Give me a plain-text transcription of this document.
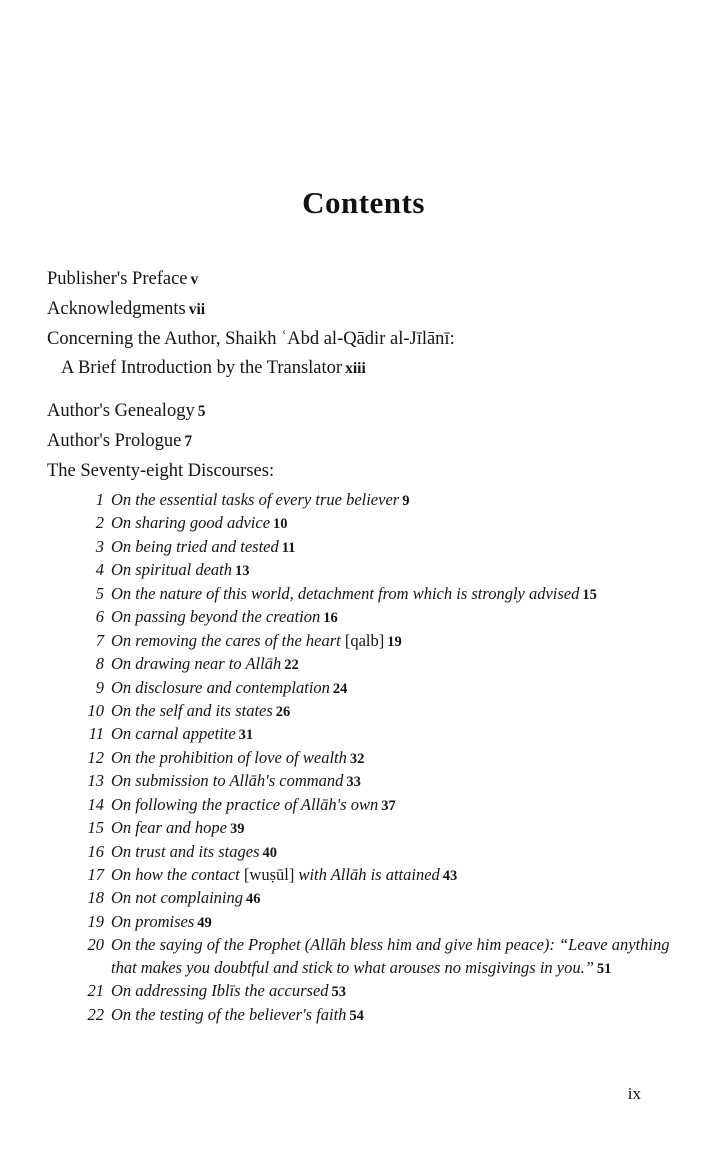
Contents
Publisher's Preface v
Acknowledgments vii
Concerning the Author, Shaikh ʿAbd al-Qādir al-Jīlānī:
A Brief Introduction by the Translator xiii
Author's Genealogy 5
Author's Prologue 7
The Seventy-eight Discourses:
1 On the essential tasks of every true believer 9
2 On sharing good advice 10
3 On being tried and tested 11
4 On spiritual death 13
5 On the nature of this world, detachment from which is strongly advised 15
6 On passing beyond the creation 16
7 On removing the cares of the heart [qalb] 19
8 On drawing near to Allāh 22
9 On disclosure and contemplation 24
10 On the self and its states 26
11 On carnal appetite 31
12 On the prohibition of love of wealth 32
13 On submission to Allāh's command 33
14 On following the practice of Allāh's own 37
15 On fear and hope 39
16 On trust and its stages 40
17 On how the contact [wuṣūl] with Allāh is attained 43
18 On not complaining 46
19 On promises 49
20 On the saying of the Prophet (Allāh bless him and give him peace): “Leave anything that makes you doubtful and stick to what arouses no misgivings in you.” 51
21 On addressing Iblīs the accursed 53
22 On the testing of the believer's faith 54
ix
